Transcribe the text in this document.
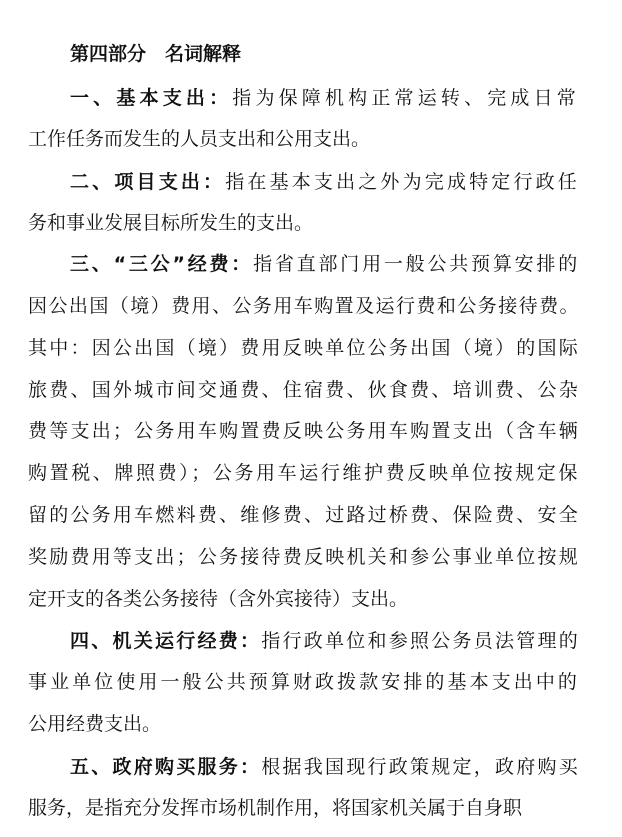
第四部分　名词解释
一、基本支出：指为保障机构正常运转、完成日常
工作任务而发生的人员支出和公用支出。
二、项目支出：指在基本支出之外为完成特定行政任
务和事业发展目标所发生的支出。
三、“三公”经费：指省直部门用一般公共预算安排的
因公出国（境）费用、公务用车购置及运行费和公务接待费。
其中：因公出国（境）费用反映单位公务出国（境）的国际
旅费、国外城市间交通费、住宿费、伙食费、培训费、公杂
费等支出；公务用车购置费反映公务用车购置支出（含车辆
购置税、牌照费）；公务用车运行维护费反映单位按规定保
留的公务用车燃料费、维修费、过路过桥费、保险费、安全
奖励费用等支出；公务接待费反映机关和参公事业单位按规
定开支的各类公务接待（含外宾接待）支出。
四、机关运行经费：指行政单位和参照公务员法管理的
事业单位使用一般公共预算财政拨款安排的基本支出中的
公用经费支出。
五、政府购买服务：根据我国现行政策规定，政府购买
服务，是指充分发挥市场机制作用，将国家机关属于自身职
